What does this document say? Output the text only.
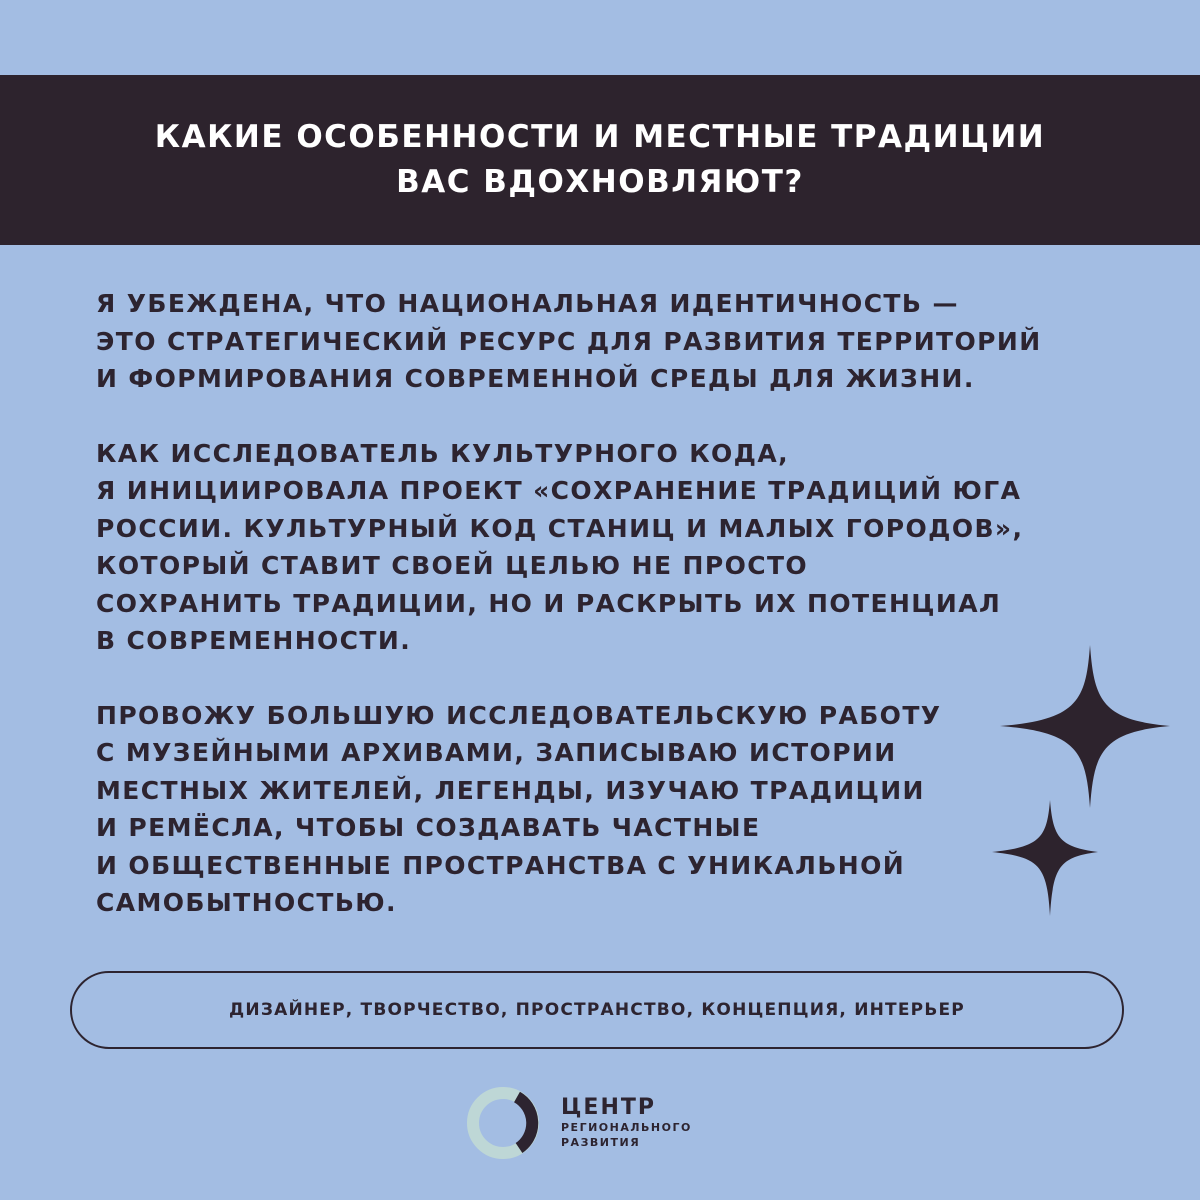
КАКИЕ ОСОБЕННОСТИ И МЕСТНЫЕ ТРАДИЦИИ
ВАС ВДОХНОВЛЯЮТ?
Я УБЕЖДЕНА, ЧТО НАЦИОНАЛЬНАЯ ИДЕНТИЧНОСТЬ —
ЭТО СТРАТЕГИЧЕСКИЙ РЕСУРС ДЛЯ РАЗВИТИЯ ТЕРРИТОРИЙ
И ФОРМИРОВАНИЯ СОВРЕМЕННОЙ СРЕДЫ ДЛЯ ЖИЗНИ.
КАК ИССЛЕДОВАТЕЛЬ КУЛЬТУРНОГО КОДА,
Я ИНИЦИИРОВАЛА ПРОЕКТ «СОХРАНЕНИЕ ТРАДИЦИЙ ЮГА
РОССИИ. КУЛЬТУРНЫЙ КОД СТАНИЦ И МАЛЫХ ГОРОДОВ»,
КОТОРЫЙ СТАВИТ СВОЕЙ ЦЕЛЬЮ НЕ ПРОСТО
СОХРАНИТЬ ТРАДИЦИИ, НО И РАСКРЫТЬ ИХ ПОТЕНЦИАЛ
В СОВРЕМЕННОСТИ.
ПРОВОЖУ БОЛЬШУЮ ИССЛЕДОВАТЕЛЬСКУЮ РАБОТУ
С МУЗЕЙНЫМИ АРХИВАМИ, ЗАПИСЫВАЮ ИСТОРИИ
МЕСТНЫХ ЖИТЕЛЕЙ, ЛЕГЕНДЫ, ИЗУЧАЮ ТРАДИЦИИ
И РЕМЁСЛА, ЧТОБЫ СОЗДАВАТЬ ЧАСТНЫЕ
И ОБЩЕСТВЕННЫЕ ПРОСТРАНСТВА С УНИКАЛЬНОЙ
САМОБЫТНОСТЬЮ.
ДИЗАЙНЕР, ТВОРЧЕСТВО, ПРОСТРАНСТВО, КОНЦЕПЦИЯ, ИНТЕРЬЕР
ЦЕНТР
РЕГИОНАЛЬНОГО
РАЗВИТИЯ
